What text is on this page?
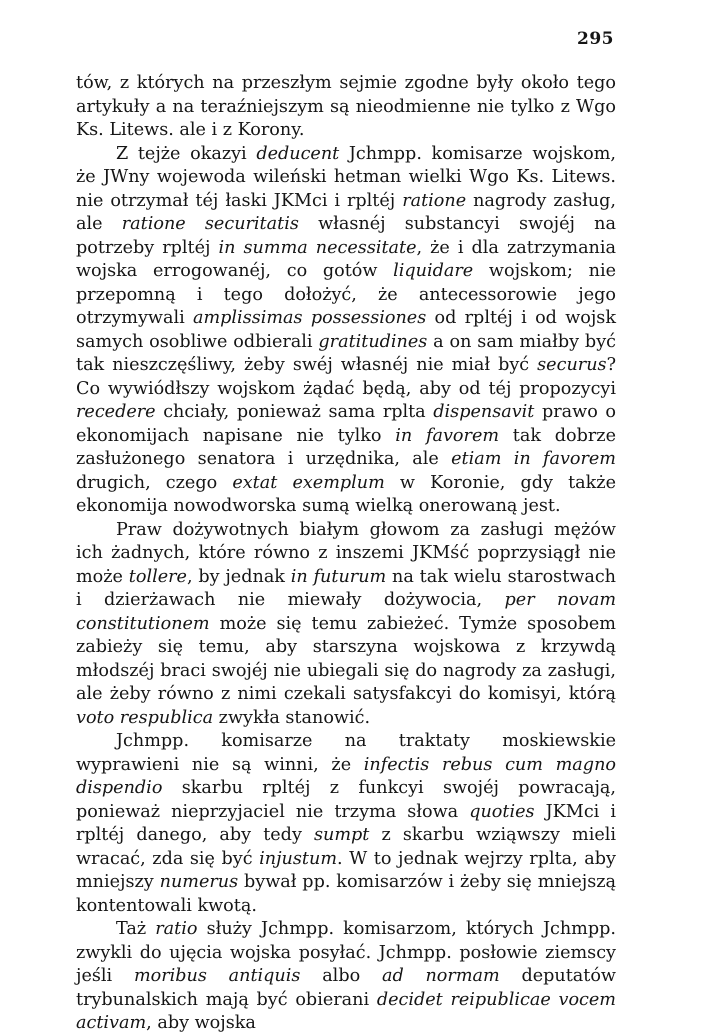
295

tów, z których na przeszłym sejmie zgodne były około tego artykuły a na teraźniejszym są nieodmienne nie tylko z Wgo Ks. Litews. ale i z Korony.

Z tejże okazyi deducent Jchmpp. komisarze wojskom, że JWny wojewoda wileński hetman wielki Wgo Ks. Litews. nie otrzymał téj łaski JKMci i rpltéj ratione nagrody zasług, ale ratione securitatis własnéj substancyi swojéj na potrzeby rpltéj in summa necessitate, że i dla zatrzymania wojska errogowanéj, co gotów liquidare wojskom; nie przepomną i tego dołożyć, że antecessorowie jego otrzymywali amplissimas possessiones od rpltéj i od wojsk samych osobliwe odbierali gratitudines a on sam miałby być tak nieszczęśliwy, żeby swéj własnéj nie miał być securus? Co wywiódłszy wojskom żądać będą, aby od téj propozycyi recedere chciały, ponieważ sama rplta dispensavit prawo o ekonomijach napisane nie tylko in favorem tak dobrze zasłużonego senatora i urzędnika, ale etiam in favorem drugich, czego extat exemplum w Koronie, gdy także ekonomija nowodworska sumą wielką onerowaną jest.

Praw dożywotnych białym głowom za zasługi mężów ich żadnych, które równo z inszemi JKMść poprzysiągł nie może tollere, by jednak in futurum na tak wielu starostwach i dzierżawach nie miewały dożywocia, per novam constitutionem może się temu zabieżeć. Tymże sposobem zabieży się temu, aby starszyna wojskowa z krzywdą młodszéj braci swojéj nie ubiegali się do nagrody za zasługi, ale żeby równo z nimi czekali satysfakcyi do komisyi, którą voto respublica zwykła stanowić.

Jchmpp. komisarze na traktaty moskiewskie wyprawieni nie są winni, że infectis rebus cum magno dispendio skarbu rpltéj z funkcyi swojéj powracają, ponieważ nieprzyjaciel nie trzyma słowa quoties JKMci i rpltéj danego, aby tedy sumpt z skarbu wziąwszy mieli wracać, zda się być injustum. W to jednak wejrzy rplta, aby mniejszy numerus bywał pp. komisarzów i żeby się mniejszą kontentowali kwotą.

Taż ratio służy Jchmpp. komisarzom, których Jchmpp. zwykli do ujęcia wojska posyłać. Jchmpp. posłowie ziemscy jeśli moribus antiquis albo ad normam deputatów trybunalskich mają być obierani decidet reipublicae vocem activam, aby wojska
